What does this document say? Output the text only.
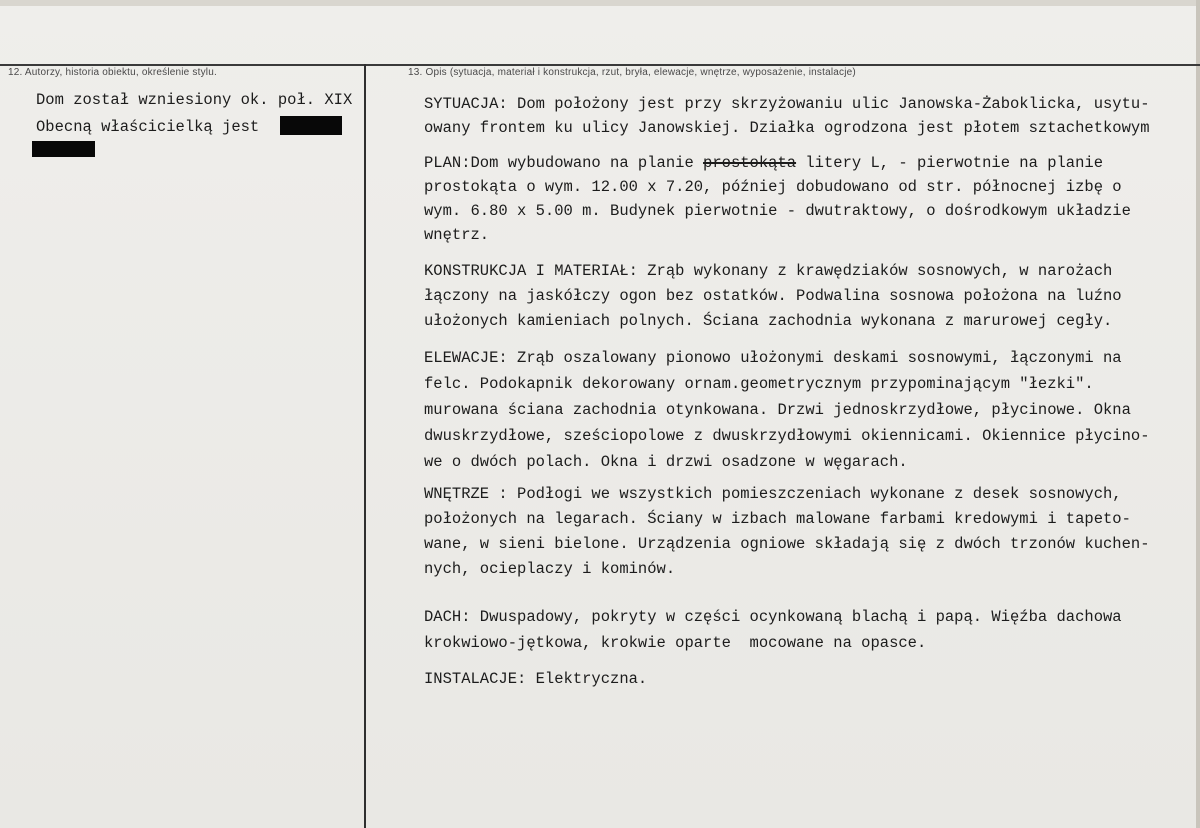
12. Autorzy, historia obiektu, określenie stylu.	13. Opis (sytuacja, materiał i konstrukcja, rzut, bryła, elewacje, wnętrze, wyposażenie, instalacje)
Dom został wzniesiony ok. poł. XIX
Obecną właścicielką jest
SYTUACJA: Dom położony jest przy skrzyżowaniu ulic Janowska-Żaboklicka, usytu-
owany frontem ku ulicy Janowskiej. Działka ogrodzona jest płotem sztachetkowym
PLAN:Dom wybudowano na planie prostokąta litery L, - pierwotnie na planie
prostokąta o wym. 12.00 x 7.20, później dobudowano od str. północnej izbę o
wym. 6.80 x 5.00 m. Budynek pierwotnie - dwutraktowy, o dośrodkowym układzie
wnętrz.
KONSTRUKCJA I MATERIAŁ: Zrąb wykonany z krawędziaków sosnowych, w narożach
łączony na jaskółczy ogon bez ostatków. Podwalina sosnowa położona na luźno
ułożonych kamieniach polnych. Ściana zachodnia wykonana z marurowej cegły.
ELEWACJE: Zrąb oszalowany pionowo ułożonymi deskami sosnowymi, łączonymi na
felc. Podokapnik dekorowany ornam.geometrycznym przypominającym "łezki".
murowana ściana zachodnia otynkowana. Drzwi jednoskrzydłowe, płycinowe. Okna
dwuskrzydłowe, sześciopolowe z dwuskrzydłowymi okiennicami. Okiennice płycino-
we o dwóch polach. Okna i drzwi osadzone w węgarach.
WNĘTRZE : Podłogi we wszystkich pomieszczeniach wykonane z desek sosnowych,
położonych na legarach. Ściany w izbach malowane farbami kredowymi i tapeto-
wane, w sieni bielone. Urządzenia ogniowe składają się z dwóch trzonów kuchen-
nych, ocieplaczy i kominów.
DACH: Dwuspadowy, pokryty w części ocynkowaną blachą i papą. Więźba dachowa
krokwiowo-jętkowa, krokwie oparte  mocowane na opasce.
INSTALACJE: Elektryczna.
